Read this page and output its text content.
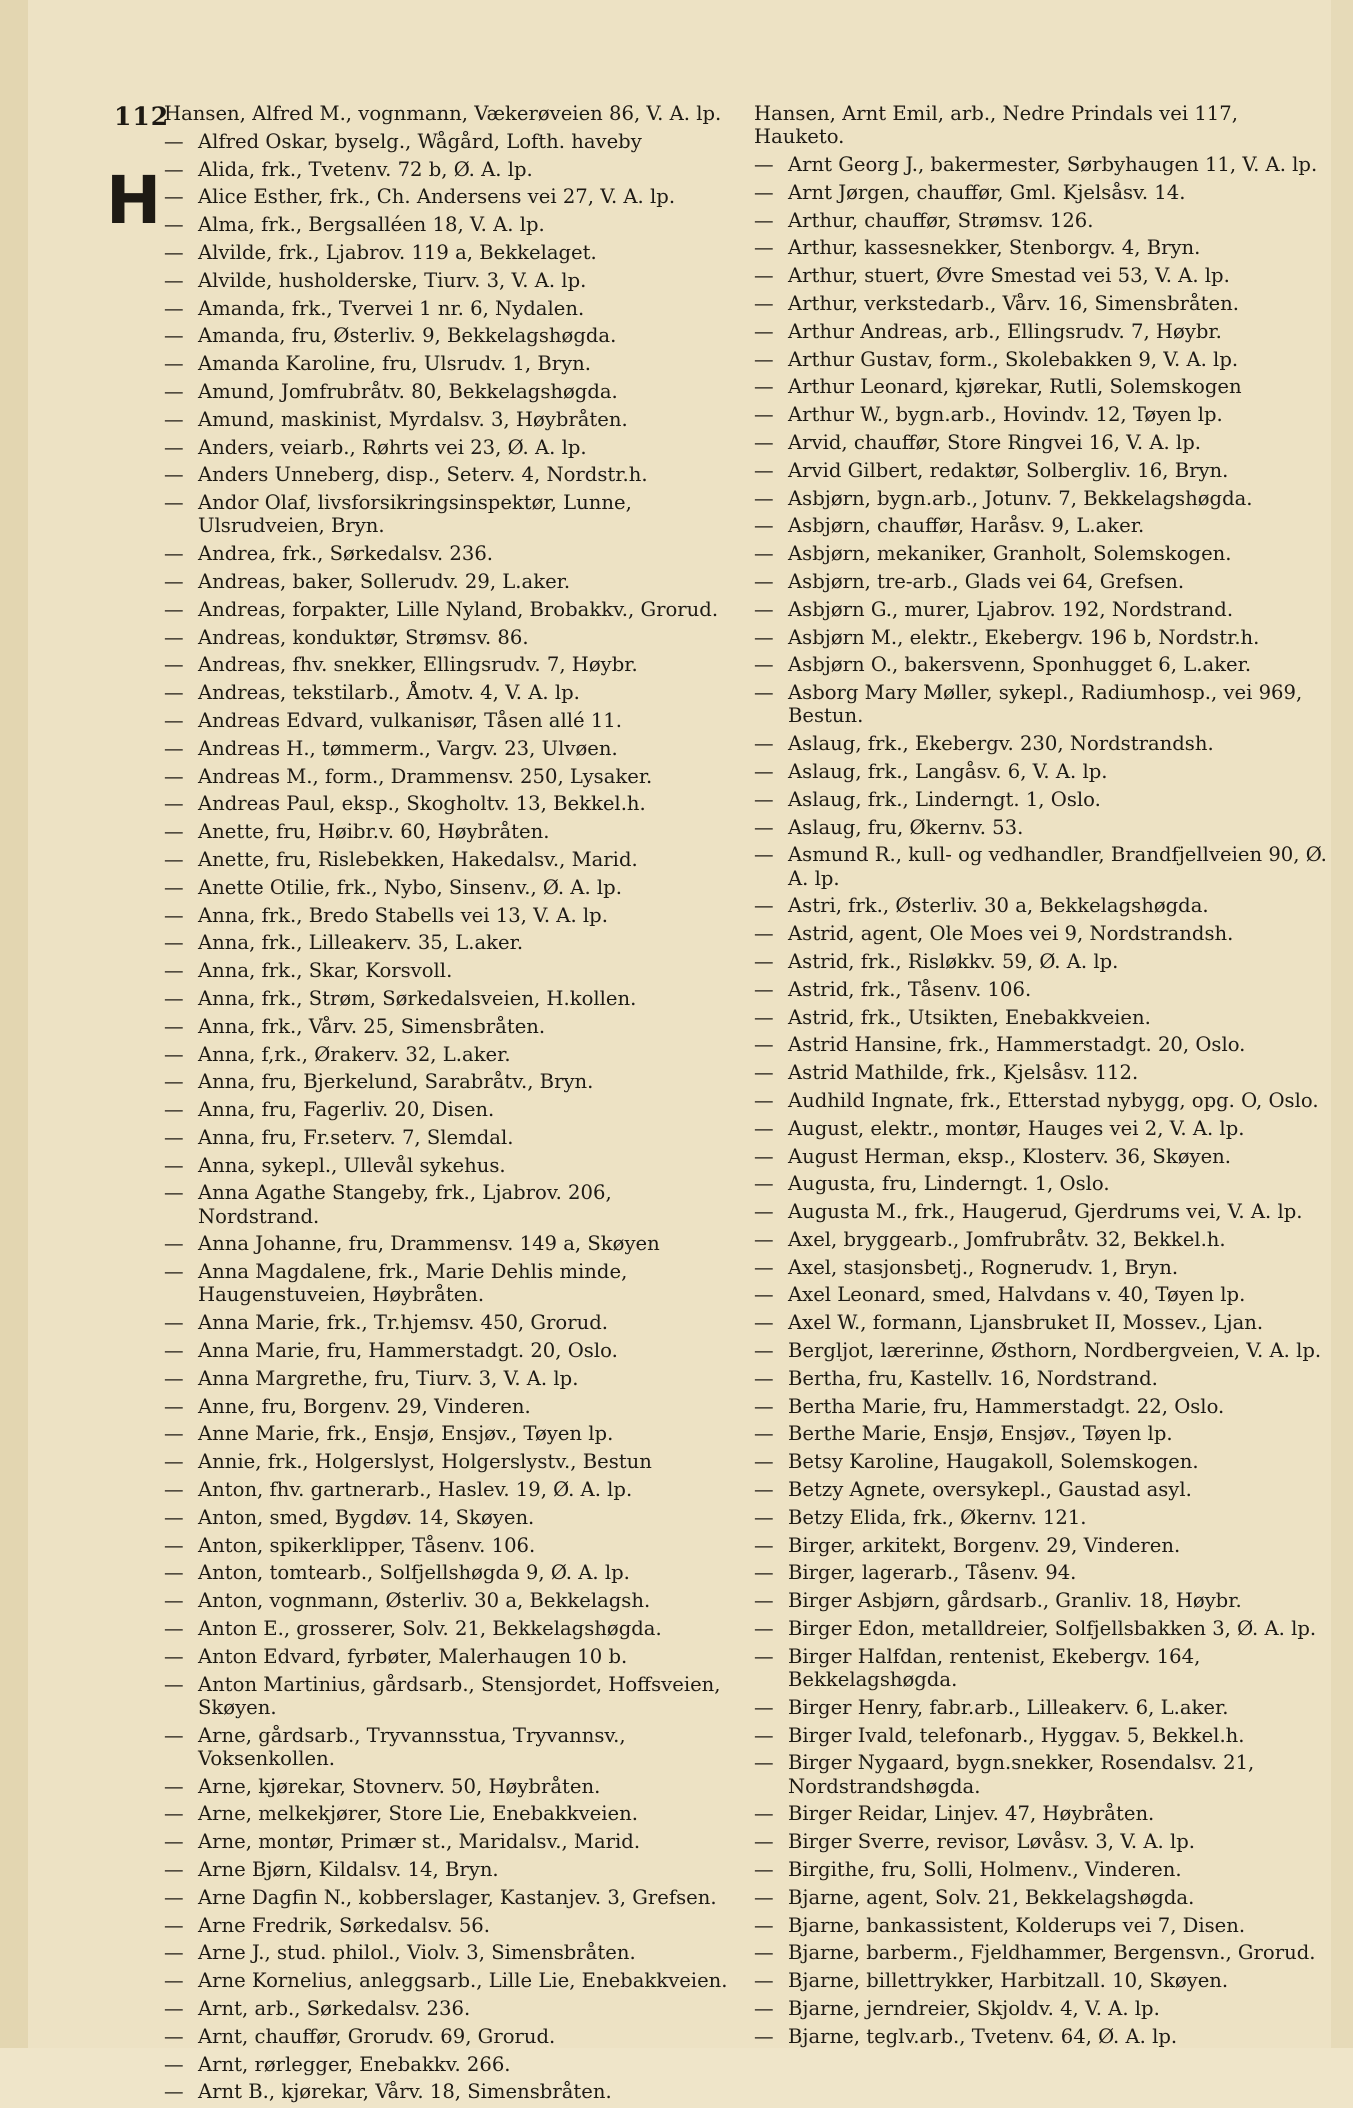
112
H
Hansen, Alfred M., vognmann, Vækerøveien 86, V. A. lp.
—Alfred Oskar, byselg., Wågård, Lofth. haveby
—Alida, frk., Tvetenv. 72 b, Ø. A. lp.
—Alice Esther, frk., Ch. Andersens vei 27, V. A. lp.
—Alma, frk., Bergsalléen 18, V. A. lp.
—Alvilde, frk., Ljabrov. 119 a, Bekkelaget.
—Alvilde, husholderske, Tiurv. 3, V. A. lp.
—Amanda, frk., Tvervei 1 nr. 6, Nydalen.
—Amanda, fru, Østerliv. 9, Bekkelagshøgda.
—Amanda Karoline, fru, Ulsrudv. 1, Bryn.
—Amund, Jomfrubråtv. 80, Bekkelagshøgda.
—Amund, maskinist, Myrdalsv. 3, Høybråten.
—Anders, veiarb., Røhrts vei 23, Ø. A. lp.
—Anders Unneberg, disp., Seterv. 4, Nordstr.h.
—Andor Olaf, livsforsikringsinspektør, Lunne, Ulsrudveien, Bryn.
—Andrea, frk., Sørkedalsv. 236.
—Andreas, baker, Sollerudv. 29, L.aker.
—Andreas, forpakter, Lille Nyland, Brobakkv., Grorud.
—Andreas, konduktør, Strømsv. 86.
—Andreas, fhv. snekker, Ellingsrudv. 7, Høybr.
—Andreas, tekstilarb., Åmotv. 4, V. A. lp.
—Andreas Edvard, vulkanisør, Tåsen allé 11.
—Andreas H., tømmerm., Vargv. 23, Ulvøen.
—Andreas M., form., Drammensv. 250, Lysaker.
—Andreas Paul, eksp., Skogholtv. 13, Bekkel.h.
—Anette, fru, Høibr.v. 60, Høybråten.
—Anette, fru, Rislebekken, Hakedalsv., Marid.
—Anette Otilie, frk., Nybo, Sinsenv., Ø. A. lp.
—Anna, frk., Bredo Stabells vei 13, V. A. lp.
—Anna, frk., Lilleakerv. 35, L.aker.
—Anna, frk., Skar, Korsvoll.
—Anna, frk., Strøm, Sørkedalsveien, H.kollen.
—Anna, frk., Vårv. 25, Simensbråten.
—Anna, f,rk., Ørakerv. 32, L.aker.
—Anna, fru, Bjerkelund, Sarabråtv., Bryn.
—Anna, fru, Fagerliv. 20, Disen.
—Anna, fru, Fr.seterv. 7, Slemdal.
—Anna, sykepl., Ullevål sykehus.
—Anna Agathe Stangeby, frk., Ljabrov. 206, Nordstrand.
—Anna Johanne, fru, Drammensv. 149 a, Skøyen
—Anna Magdalene, frk., Marie Dehlis minde, Haugenstuveien, Høybråten.
—Anna Marie, frk., Tr.hjemsv. 450, Grorud.
—Anna Marie, fru, Hammerstadgt. 20, Oslo.
—Anna Margrethe, fru, Tiurv. 3, V. A. lp.
—Anne, fru, Borgenv. 29, Vinderen.
—Anne Marie, frk., Ensjø, Ensjøv., Tøyen lp.
—Annie, frk., Holgerslyst, Holgerslystv., Bestun
—Anton, fhv. gartnerarb., Haslev. 19, Ø. A. lp.
—Anton, smed, Bygdøv. 14, Skøyen.
—Anton, spikerklipper, Tåsenv. 106.
—Anton, tomtearb., Solfjellshøgda 9, Ø. A. lp.
—Anton, vognmann, Østerliv. 30 a, Bekkelagsh.
—Anton E., grosserer, Solv. 21, Bekkelagshøgda.
—Anton Edvard, fyrbøter, Malerhaugen 10 b.
—Anton Martinius, gårdsarb., Stensjordet, Hoffsveien, Skøyen.
—Arne, gårdsarb., Tryvannsstua, Tryvannsv., Voksenkollen.
—Arne, kjørekar, Stovnerv. 50, Høybråten.
—Arne, melkekjører, Store Lie, Enebakkveien.
—Arne, montør, Primær st., Maridalsv., Marid.
—Arne Bjørn, Kildalsv. 14, Bryn.
—Arne Dagfin N., kobberslager, Kastanjev. 3, Grefsen.
—Arne Fredrik, Sørkedalsv. 56.
—Arne J., stud. philol., Violv. 3, Simensbråten.
—Arne Kornelius, anleggsarb., Lille Lie, Enebakkveien.
—Arnt, arb., Sørkedalsv. 236.
—Arnt, chauffør, Grorudv. 69, Grorud.
—Arnt, rørlegger, Enebakkv. 266.
—Arnt B., kjørekar, Vårv. 18, Simensbråten.
Hansen, Arnt Emil, arb., Nedre Prindals vei 117, Hauketo.
—Arnt Georg J., bakermester, Sørbyhaugen 11, V. A. lp.
—Arnt Jørgen, chauffør, Gml. Kjelsåsv. 14.
—Arthur, chauffør, Strømsv. 126.
—Arthur, kassesnekker, Stenborgv. 4, Bryn.
—Arthur, stuert, Øvre Smestad vei 53, V. A. lp.
—Arthur, verkstedarb., Vårv. 16, Simensbråten.
—Arthur Andreas, arb., Ellingsrudv. 7, Høybr.
—Arthur Gustav, form., Skolebakken 9, V. A. lp.
—Arthur Leonard, kjørekar, Rutli, Solemskogen
—Arthur W., bygn.arb., Hovindv. 12, Tøyen lp.
—Arvid, chauffør, Store Ringvei 16, V. A. lp.
—Arvid Gilbert, redaktør, Solbergliv. 16, Bryn.
—Asbjørn, bygn.arb., Jotunv. 7, Bekkelagshøgda.
—Asbjørn, chauffør, Haråsv. 9, L.aker.
—Asbjørn, mekaniker, Granholt, Solemskogen.
—Asbjørn, tre-arb., Glads vei 64, Grefsen.
—Asbjørn G., murer, Ljabrov. 192, Nordstrand.
—Asbjørn M., elektr., Ekebergv. 196 b, Nordstr.h.
—Asbjørn O., bakersvenn, Sponhugget 6, L.aker.
—Asborg Mary Møller, sykepl., Radiumhosp., vei 969, Bestun.
—Aslaug, frk., Ekebergv. 230, Nordstrandsh.
—Aslaug, frk., Langåsv. 6, V. A. lp.
—Aslaug, frk., Linderngt. 1, Oslo.
—Aslaug, fru, Økernv. 53.
—Asmund R., kull- og vedhandler, Brandfjellveien 90, Ø. A. lp.
—Astri, frk., Østerliv. 30 a, Bekkelagshøgda.
—Astrid, agent, Ole Moes vei 9, Nordstrandsh.
—Astrid, frk., Risløkkv. 59, Ø. A. lp.
—Astrid, frk., Tåsenv. 106.
—Astrid, frk., Utsikten, Enebakkveien.
—Astrid Hansine, frk., Hammerstadgt. 20, Oslo.
—Astrid Mathilde, frk., Kjelsåsv. 112.
—Audhild Ingnate, frk., Etterstad nybygg, opg. O, Oslo.
—August, elektr., montør, Hauges vei 2, V. A. lp.
—August Herman, eksp., Klosterv. 36, Skøyen.
—Augusta, fru, Linderngt. 1, Oslo.
—Augusta M., frk., Haugerud, Gjerdrums vei, V. A. lp.
—Axel, bryggearb., Jomfrubråtv. 32, Bekkel.h.
—Axel, stasjonsbetj., Rognerudv. 1, Bryn.
—Axel Leonard, smed, Halvdans v. 40, Tøyen lp.
—Axel W., formann, Ljansbruket II, Mossev., Ljan.
—Bergljot, lærerinne, Østhorn, Nordbergveien, V. A. lp.
—Bertha, fru, Kastellv. 16, Nordstrand.
—Bertha Marie, fru, Hammerstadgt. 22, Oslo.
—Berthe Marie, Ensjø, Ensjøv., Tøyen lp.
—Betsy Karoline, Haugakoll, Solemskogen.
—Betzy Agnete, oversykepl., Gaustad asyl.
—Betzy Elida, frk., Økernv. 121.
—Birger, arkitekt, Borgenv. 29, Vinderen.
—Birger, lagerarb., Tåsenv. 94.
—Birger Asbjørn, gårdsarb., Granliv. 18, Høybr.
—Birger Edon, metalldreier, Solfjellsbakken 3, Ø. A. lp.
—Birger Halfdan, rentenist, Ekebergv. 164, Bekkelagshøgda.
—Birger Henry, fabr.arb., Lilleakerv. 6, L.aker.
—Birger Ivald, telefonarb., Hyggav. 5, Bekkel.h.
—Birger Nygaard, bygn.snekker, Rosendalsv. 21, Nordstrandshøgda.
—Birger Reidar, Linjev. 47, Høybråten.
—Birger Sverre, revisor, Løvåsv. 3, V. A. lp.
—Birgithe, fru, Solli, Holmenv., Vinderen.
—Bjarne, agent, Solv. 21, Bekkelagshøgda.
—Bjarne, bankassistent, Kolderups vei 7, Disen.
—Bjarne, barberm., Fjeldhammer, Bergensvn., Grorud.
—Bjarne, billettrykker, Harbitzall. 10, Skøyen.
—Bjarne, jerndreier, Skjoldv. 4, V. A. lp.
—Bjarne, teglv.arb., Tvetenv. 64, Ø. A. lp.
